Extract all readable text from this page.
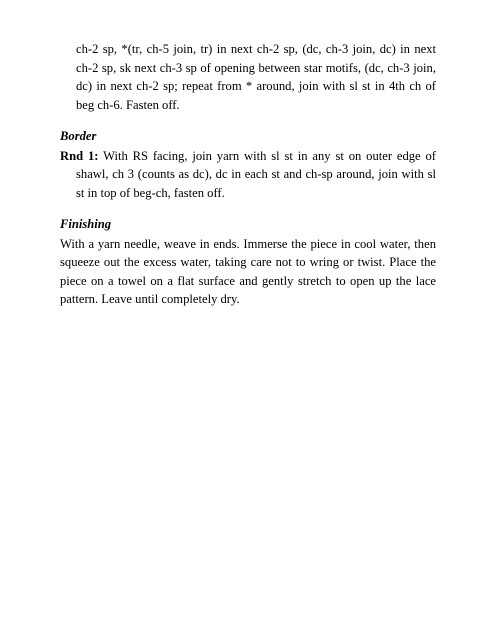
ch-2 sp, *(tr, ch-5 join, tr) in next ch-2 sp, (dc, ch-3 join, dc) in next ch-2 sp, sk next ch-3 sp of opening between star motifs, (dc, ch-3 join, dc) in next ch-2 sp; repeat from * around, join with sl st in 4th ch of beg ch-6. Fasten off.

Border

Rnd 1: With RS facing, join yarn with sl st in any st on outer edge of shawl, ch 3 (counts as dc), dc in each st and ch-sp around, join with sl st in top of beg-ch, fasten off.

Finishing

With a yarn needle, weave in ends. Immerse the piece in cool water, then squeeze out the excess water, taking care not to wring or twist. Place the piece on a towel on a flat surface and gently stretch to open up the lace pattern. Leave until completely dry.
